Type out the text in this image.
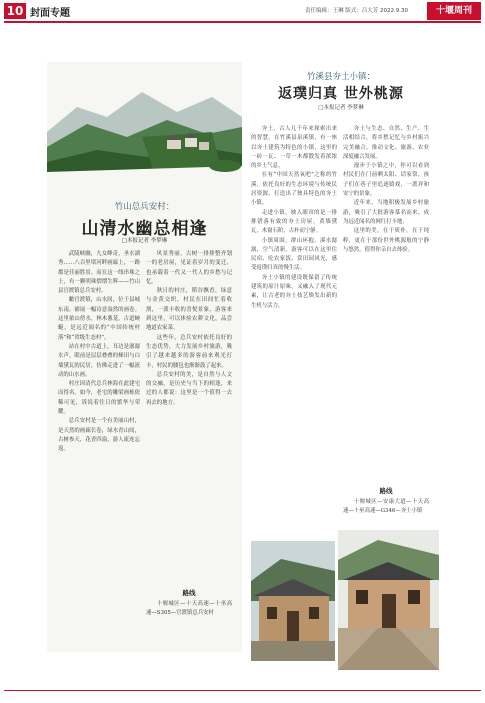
10 封面专题	责任编辑：王琳 版式：吕大芳 2022.9.30	十堰周刊
竹山总兵安村：
山清水幽总相逢
□本报记者 李梦琳

武陵峡幽，九女峰奇，圣水湖秀……八百里堵河畔画廊上，一路都是佳丽胜景。而在这一线串珠之上，有一颗明珠熠熠生辉——竹山县官渡镇总兵安村。

瞰官渡镇，山水间，位于县城东南，铺展一幅诗意盎然的画卷。这里依山傍水，林木葱茏，古道蜿蜒，是远近闻名的“中国传统村落”和“省级生态村”。

站在村中古道上，耳边是潺潺水声，眼前是层层叠叠的梯田与白墙黛瓦的民居，仿佛走进了一幅流动的山水画。

村庄因清代总兵林海在此建宅而得名。如今，老宅的雕梁画栋依稀可见，诉说着往日的繁华与荣耀。

总兵安村是一个有美丽山村，是天然的画廊长卷，绿水青山间，古树参天，花香四溢，游人流连忘返。

风景秀丽。古树一排排整齐划一的老房屋，见证着岁月的变迁，也承载着一代又一代人的乡愁与记忆。

秋日的村庄，稻谷飘香，绿意与金黄交织，村民在田间忙着收割，一派丰收的喜悦景象。游客来到这里，可以体验农耕文化，品尝地道农家菜。

这些年，总兵安村依托良好的生态优势，大力发展乡村旅游，吸引了越来越多的游客前来观光打卡，村民的腰包也渐渐鼓了起来。

总兵安村的美，是自然与人文的交融，是历史与当下的相逢，来过的人都说：这里是一个值得一去再去的地方。

路线

十堰城区—十天高速—十巫高速—S305—官渡镇总兵安村

竹溪县夯土小镇：
返璞归真 世外桃源
□本报记者 李梦琳

夯土，古人几千年来探索出来的智慧。在竹溪县泉溪镇，有一座以夯土建筑为特色的小镇，这里的一砖一瓦、一草一木都散发着浓浓的乡土气息。

在有“中国天然氧吧”之称的竹溪，依托良好的生态环境与传统民居资源，打造出了独具特色的夯土小镇。

走进小镇，映入眼帘的是一排排错落有致的夯土房屋，黄墙黛瓦，木窗石阶，古朴而宁静。

小镇周围，群山环抱，溪水潺潺，空气清新。游客可以在这里住民宿、吃农家饭、赏田园风光，感受返璞归真的慢生活。

夯土小镇的建设既保留了传统建筑的原汁原味，又融入了现代元素，让古老的夯土技艺焕发出新的生机与活力。

夯土与生态、自然、生产、生活相结合，将乡愁记忆与乡村振兴完美融合，推动文化、旅游、农业深度融合发展。

漫步于小镇之中，你可以看到村民们在门前晒太阳、话家常，孩子们在巷子里追逐嬉戏，一派祥和安宁的景象。

近年来，当地积极发展乡村旅游，吸引了大批游客慕名而来，成为远近闻名的网红打卡地。

这里的美，在于质朴，在于纯粹，更在于那份世外桃源般的宁静与悠然，值得你亲自去体验。

路线

十堰城区—安康大道—十天高速—十巫高速—G346—夯土小镇
